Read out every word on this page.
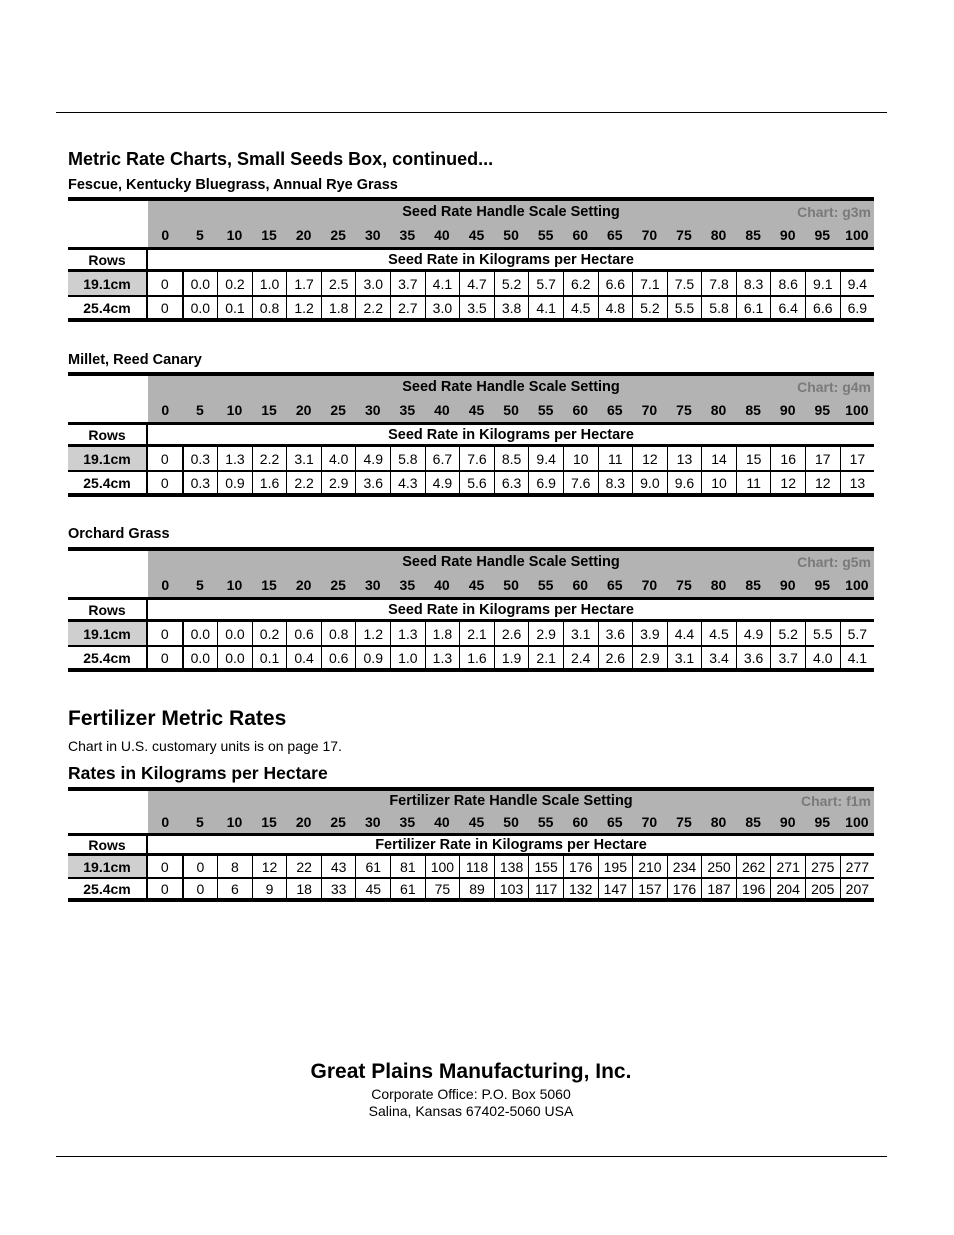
Metric Rate Charts, Small Seeds Box, continued...
Fescue, Kentucky Bluegrass, Annual Rye Grass
Seed Rate Handle Scale Setting	Chart: g3m
0	5	10	15	20	25	30	35	40	45	50	55	60	65	70	75	80	85	90	95	100
Rows	Seed Rate in Kilograms per Hectare
19.1cm	0	0.0	0.2	1.0	1.7	2.5	3.0	3.7	4.1	4.7	5.2	5.7	6.2	6.6	7.1	7.5	7.8	8.3	8.6	9.1	9.4
25.4cm	0	0.0	0.1	0.8	1.2	1.8	2.2	2.7	3.0	3.5	3.8	4.1	4.5	4.8	5.2	5.5	5.8	6.1	6.4	6.6	6.9
Millet, Reed Canary
Seed Rate Handle Scale Setting	Chart: g4m
0	5	10	15	20	25	30	35	40	45	50	55	60	65	70	75	80	85	90	95	100
Rows	Seed Rate in Kilograms per Hectare
19.1cm	0	0.3	1.3	2.2	3.1	4.0	4.9	5.8	6.7	7.6	8.5	9.4	10	11	12	13	14	15	16	17	17
25.4cm	0	0.3	0.9	1.6	2.2	2.9	3.6	4.3	4.9	5.6	6.3	6.9	7.6	8.3	9.0	9.6	10	11	12	12	13
Orchard Grass
Seed Rate Handle Scale Setting	Chart: g5m
0	5	10	15	20	25	30	35	40	45	50	55	60	65	70	75	80	85	90	95	100
Rows	Seed Rate in Kilograms per Hectare
19.1cm	0	0.0	0.0	0.2	0.6	0.8	1.2	1.3	1.8	2.1	2.6	2.9	3.1	3.6	3.9	4.4	4.5	4.9	5.2	5.5	5.7
25.4cm	0	0.0	0.0	0.1	0.4	0.6	0.9	1.0	1.3	1.6	1.9	2.1	2.4	2.6	2.9	3.1	3.4	3.6	3.7	4.0	4.1
Fertilizer Metric Rates
Chart in U.S. customary units is on page 17.
Rates in Kilograms per Hectare
Fertilizer Rate Handle Scale Setting	Chart: f1m
0	5	10	15	20	25	30	35	40	45	50	55	60	65	70	75	80	85	90	95	100
Rows	Fertilizer Rate in Kilograms per Hectare
19.1cm	0	0	8	12	22	43	61	81	100 118 138 155 176 195 210 234 250 262 271 275 277
25.4cm	0	0	6	9	18	33	45	61	75	89	103 117 132 147 157 176 187 196 204 205 207
Great Plains Manufacturing, Inc.
Corporate Office: P.O. Box 5060
Salina, Kansas 67402-5060 USA
